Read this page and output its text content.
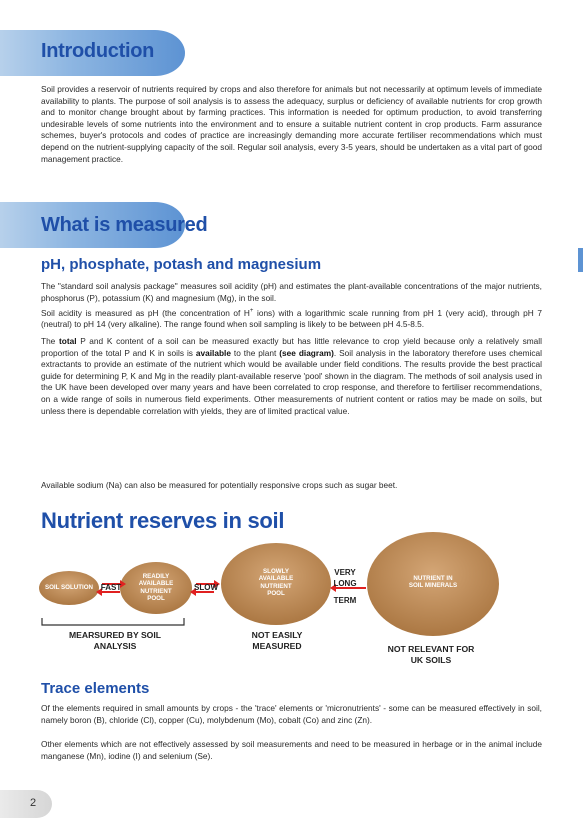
Introduction

Soil provides a reservoir of nutrients required by crops and also therefore for animals but not necessarily at optimum levels of immediate availability to plants. The purpose of soil analysis is to assess the adequacy, surplus or deficiency of available nutrients for crop growth and to monitor change brought about by farming practices. This information is needed for optimum production, to avoid transferring undesirable levels of some nutrients into the environment and to ensure a suitable nutrient content in crop products. Farm assurance schemes, buyer's protocols and codes of practice are increasingly demanding more accurate fertiliser recommendations which must depend on the nutrient-supplying capacity of the soil. Regular soil analysis, every 3-5 years, should be undertaken as a vital part of good management practice.

What is measured
pH, phosphate, potash and magnesium

The "standard soil analysis package" measures soil acidity (pH) and estimates the plant-available concentrations of the major nutrients, phosphorus (P), potassium (K) and magnesium (Mg), in the soil.

Soil acidity is measured as pH (the concentration of H+ ions) with a logarithmic scale running from pH 1 (very acid), through pH 7 (neutral) to pH 14 (very alkaline). The range found when soil sampling is likely to be between pH 4.5-8.5.

The total P and K content of a soil can be measured exactly but has little relevance to crop yield because only a relatively small proportion of the total P and K in soils is available to the plant (see diagram). Soil analysis in the laboratory therefore uses chemical extractants to provide an estimate of the nutrient which would be available under field conditions. The results provide the best practical guide for determining P, K and Mg in the readily plant-available reserve 'pool' shown in the diagram. The methods of soil analysis used in the UK have been developed over many years and have been correlated to crop response, and therefore to fertiliser recommendations, on a wide range of soils in numerous field experiments. Other measurements of nutrient content or ratios may be made on soils, but unless there is dependable correlation with yields, they are of limited practical value.

Available sodium (Na) can also be measured for potentially responsive crops such as sugar beet.

Nutrient reserves in soil
SOIL SOLUTION
READILY
AVAILABLE
NUTRIENT
POOL
SLOWLY
AVAILABLE
NUTRIENT
POOL
NUTRIENT IN
SOIL MINERALS
FAST	SLOW
VERY
LONG
TERM
MEARSURED BY SOIL
ANALYSIS
NOT EASILY
MEASURED	NOT RELEVANT FOR
UK SOILS
Trace elements

Of the elements required in small amounts by crops - the 'trace' elements or 'micronutrients' - some can be measured effectively in soil, namely boron (B), chloride (Cl), copper (Cu), molybdenum (Mo), cobalt (Co) and zinc (Zn).

Other elements which are not effectively assessed by soil measurements and need to be measured in herbage or in the animal include manganese (Mn), iodine (I) and selenium (Se).

2
